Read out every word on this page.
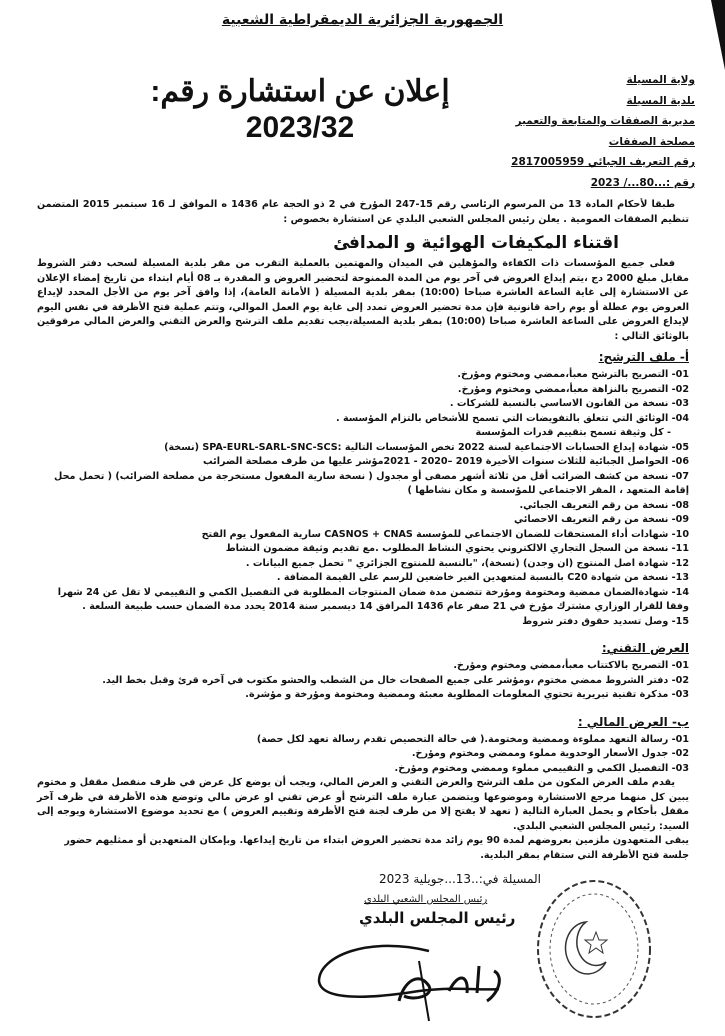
الجمهورية الجزائرية الديمقراطية الشعبية
إعلان عن استشارة رقم: 2023/32
ولاية المسيلة
بلدية المسيلة
مديرية الصفقات والمتابعة والتعمير
مصلحة الصفقات
رقم التعريف الجبائي 2817005959
رقم :...80.../ 2023
طبقا لأحكام المادة 13 من المرسوم الرئاسي رقم 15-247 المؤرخ في 2 ذو الحجة عام 1436 ه الموافق لـ 16 سبتمبر 2015 المتضمن تنظيم الصفقات العمومية . يعلن رئيس المجلس الشعبي البلدي عن استشارة بخصوص :
اقتناء المكيفات الهوائية و المدافئ
فعلى جميع المؤسسات ذات الكفاءة والمؤهلين في الميدان والمهتمين بالعملية التقرب من مقر بلدية المسيلة لسحب دفتر الشروط مقابل مبلغ 2000 دج ،يتم إيداع العروض في آخر يوم من المدة الممنوحة لتحضير العروض و المقدرة بـ 08 أيام ابتداء من تاريخ إمضاء الإعلان عن الاستشارة إلى غاية الساعة العاشرة صباحا (10:00) بمقر بلدية المسيلة ( الأمانة العامة)، إذا وافق آخر يوم من الأجل المحدد لإيداع العروض يوم عطلة أو يوم راحة قانونية فإن مدة تحضير العروض تمدد إلى غاية يوم العمل الموالي، وتتم عملية فتح الأظرفة في نفس اليوم لإيداع العروض على الساعة العاشرة صباحا (10:00) بمقر بلدية المسيلة،يجب تقديم ملف الترشح والعرض التقني والعرض المالي مرفوقين بالوثائق التالي :
أ- ملف الترشح:
01- التصريح بالترشح معبأ،ممضي ومختوم ومؤرخ.
02- التصريح بالنزاهة معبأ،ممضي ومختوم ومؤرخ.
03- نسخة من القانون الاساسي بالنسبة للشركات .
04- الوثائق التي تتعلق بالتفويضات التي تسمح للأشخاص بالتزام المؤسسة .
- كل وثيقة تسمح بتقييم قدرات المؤسسة
05- شهادة إيداع الحسابات الاجتماعية لسنة 2022 تخص المؤسسات التالية :SPA-EURL-SARL-SNC-SCS (نسخة)
06- الحواصل الجبائية للثلاث سنوات الأخيرة 2019 –2020 - 2021مؤشر عليها من طرف مصلحة الضرائب
07- نسخة من كشف الضرائب أقل من ثلاثة أشهر مصفى أو مجدول ( نسخة سارية المفعول مستخرجة من مصلحة الضرائب) ( تحمل محل إقامة المتعهد ، المقر الاجتماعي للمؤسسة و مكان نشاطها )
08- نسخة من رقم التعريف الجبائي.
09- نسخة من رقم التعريف الاحصائي
10- شهادات أداء المستحقات للضمان الاجتماعي للمؤسسة CASNOS + CNAS سارية المفعول يوم الفتح
11- نسخة من السجل التجاري الالكتروني يحتوي النشاط المطلوب .مع تقديم وثيقة مضمون النشاط
12- شهادة اصل المنتوج (ان وجدن) (نسخة)، "بالنسبة للمنتوج الجزائري " تحمل جميع البيانات .
13- نسخة من شهادة C20 بالنسبة لمتعهدين الغير خاضعين للرسم على القيمة المضافة .
14- شهادةالضمان ممضية ومختومة ومؤرخة تتضمن مدة ضمان المنتوجات المطلوبة في التفصيل الكمي و التقييمي لا تقل عن 24 شهرا وفقا للقرار الوزاري مشترك مؤرخ في 21 صفر عام 1436 المرافق 14 ديسمبر سنة 2014 يحدد مدة الضمان حسب طبيعة السلعة .
15- وصل تسديد حقوق دفتر شروط
العرض التقني:
01- التصريح بالاكتتاب معبأ،ممضي ومختوم ومؤرخ.
02- دفتر الشروط ممضي مختوم ،ومؤشر على جميع الصفحات خال من الشطب والحشو مكتوب في آخره قرئ وقبل بخط اليد.
03- مذكرة تقنية تبريرية تحتوي المعلومات المطلوبة معبئة وممضية ومختومة ومؤرخة و مؤشرة.
ب- العرض المالي :
01- رسالة التعهد مملوءة وممضية ومختومة.( في حالة التحصيص تقدم رسالة تعهد لكل حصة)
02- جدول الأسعار الوحدوية مملوء وممضي ومختوم ومؤرخ.
03- التفصيل الكمي و التقييمي مملوء وممضي ومختوم ومؤرخ.
يقدم ملف العرض المكون من ملف الترشح والعرض التقني و العرض المالي، ويجب أن يوضع كل عرض في ظرف منفصل مقفل و مختوم يبين كل منهما مرجع الاستشارة وموضوعها ويتضمن عبارة ملف الترشح أو عرض تقني او عرض مالي وتوضع هذه الأظرفة في ظرف آخر مقفل بأحكام و يحمل العبارة التالية ( تعهد لا يفتح إلا من طرف لجنة فتح الأظرفة وتقييم العروض ) مع تحديد موضوع الاستشارة ويوجه إلى السيد: رئيس المجلس الشعبي البلدي.
يبقى المتعهدون ملزمين بعروضهم لمدة 90 يوم زائد مدة تحضير العروض ابتداء من تاريخ إيداعها. وبإمكان المتعهدين أو ممثليهم حضور جلسة فتح الأظرفة التي ستقام بمقر البلدية.
المسيلة في:..13...جويلية 2023
رئيس المجلس الشعبي البلدي
رئيس المجلس البلدي
